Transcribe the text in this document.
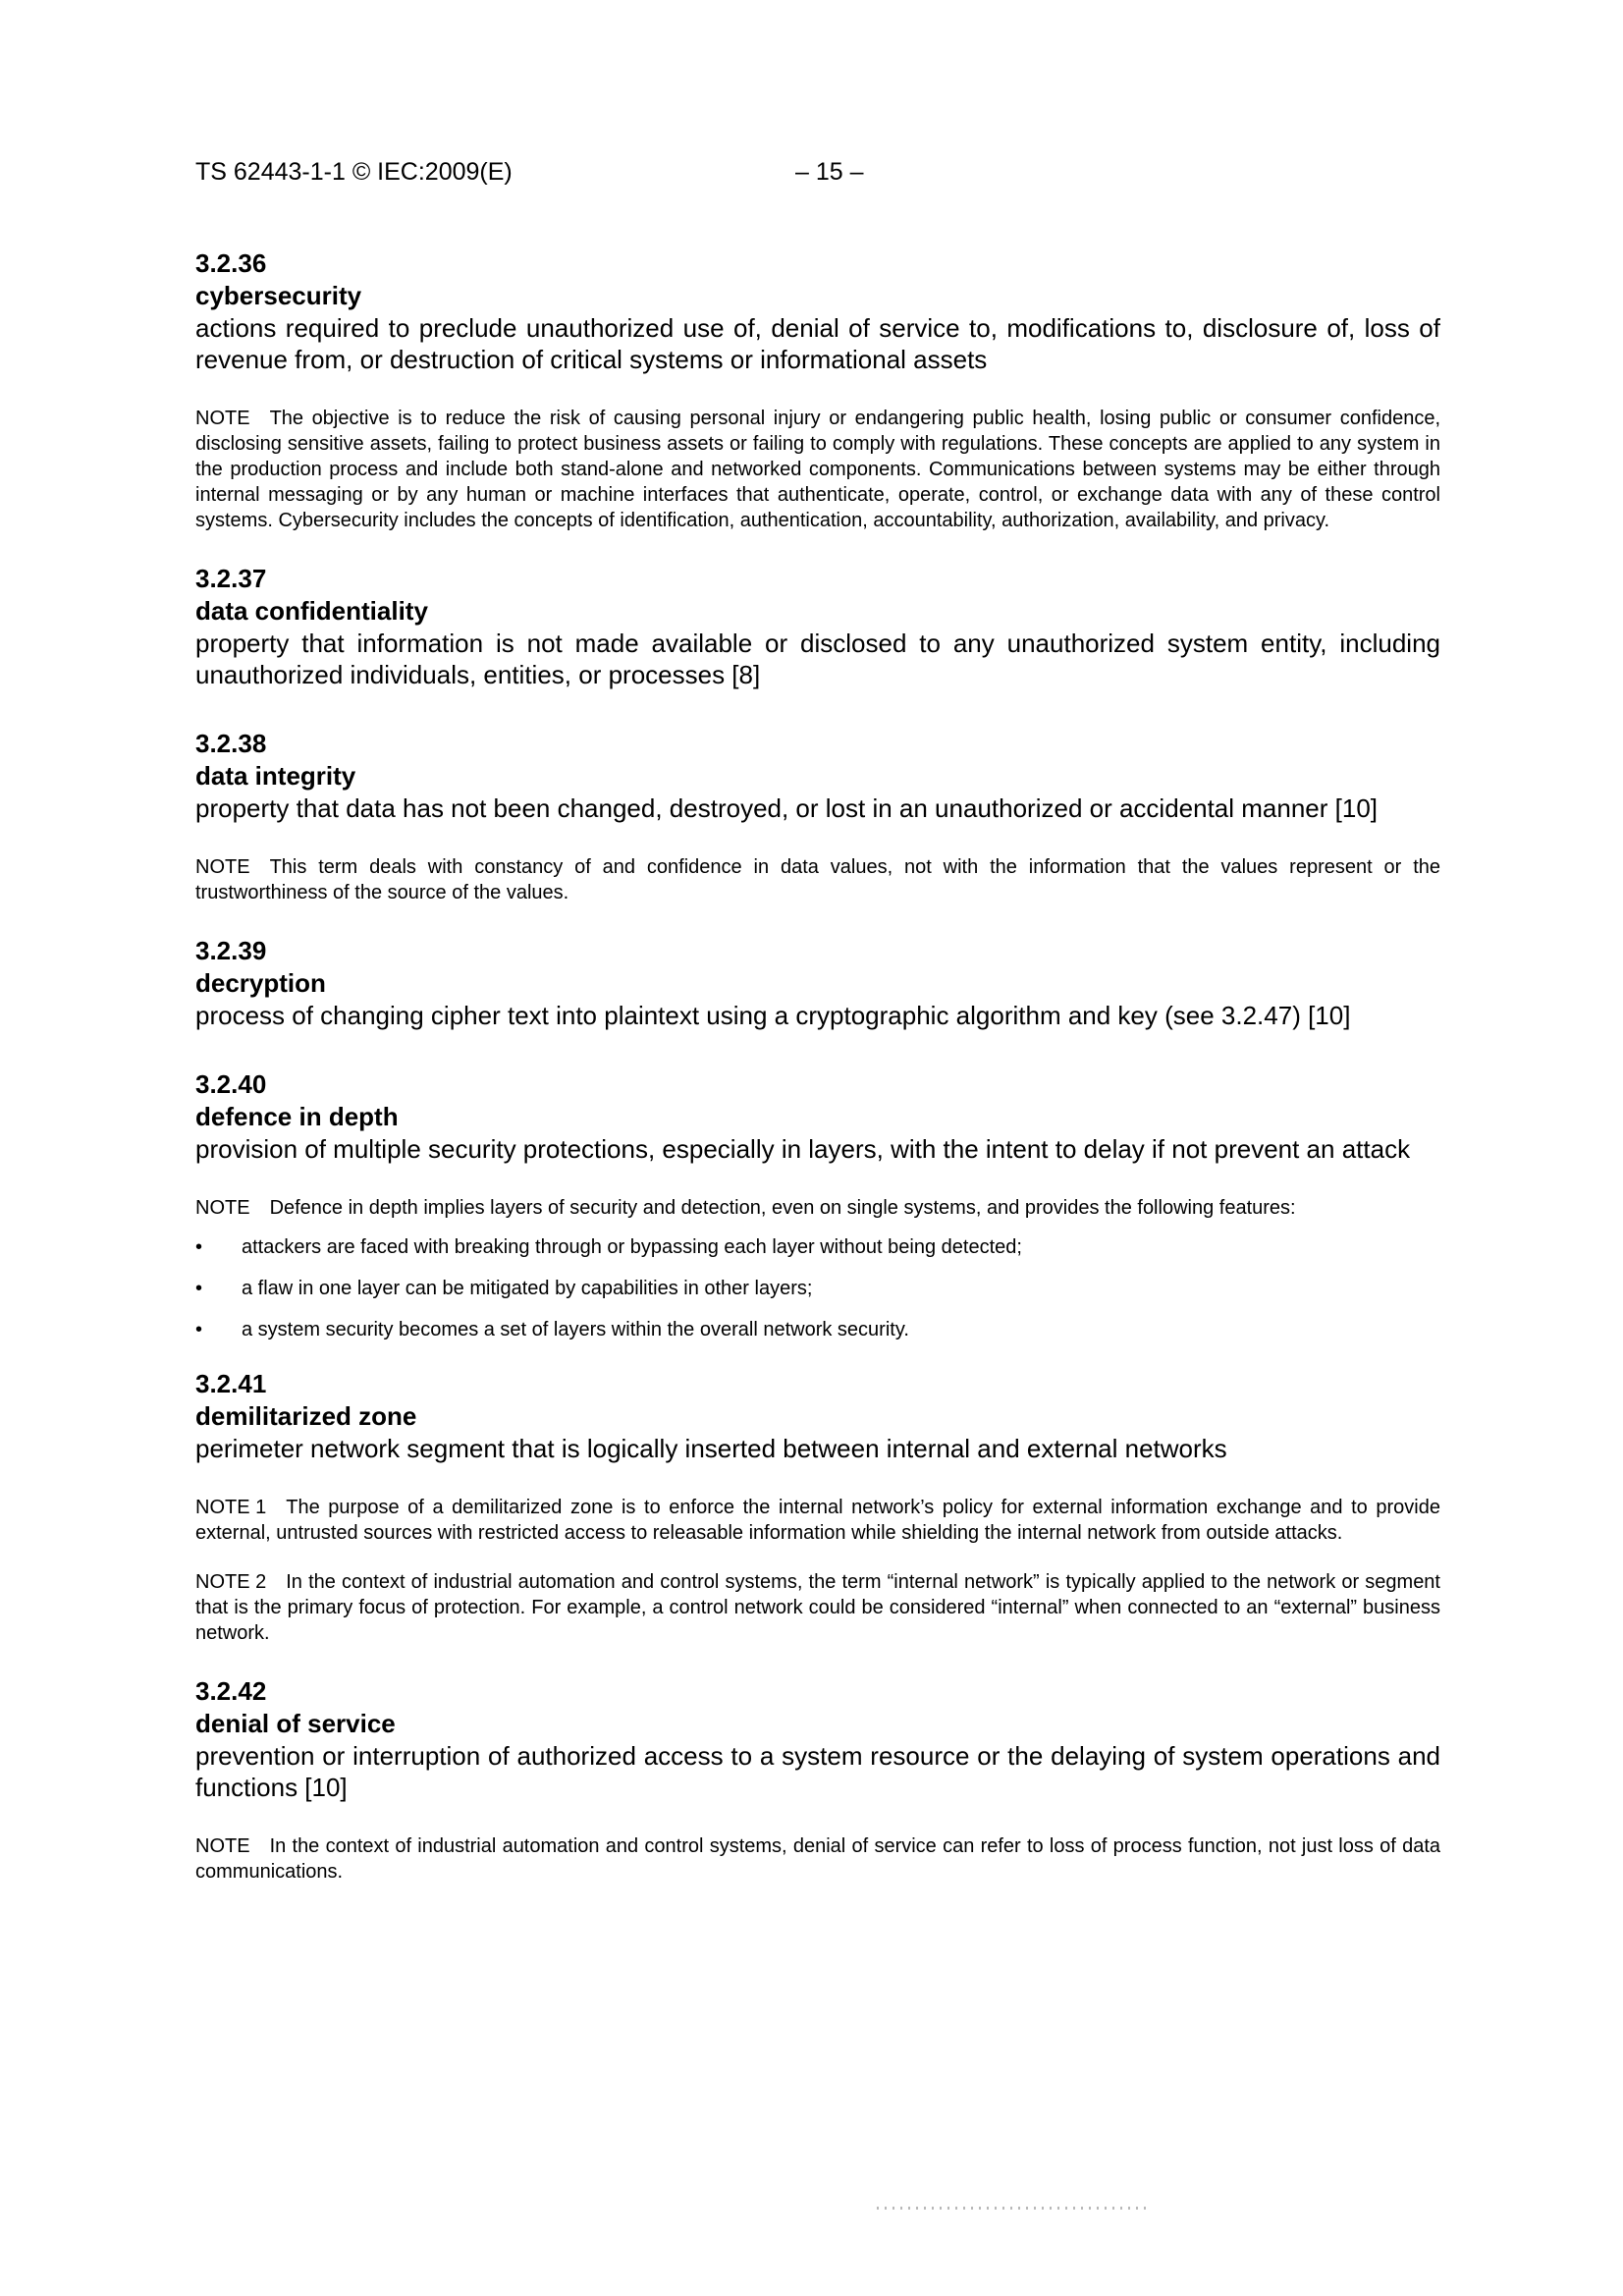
TS 62443-1-1 © IEC:2009(E)	– 15 –
3.2.36
cybersecurity

actions required to preclude unauthorized use of, denial of service to, modifications to, disclosure of, loss of revenue from, or destruction of critical systems or informational assets

NOTE The objective is to reduce the risk of causing personal injury or endangering public health, losing public or consumer confidence, disclosing sensitive assets, failing to protect business assets or failing to comply with regulations. These concepts are applied to any system in the production process and include both stand-alone and networked components. Communications between systems may be either through internal messaging or by any human or machine interfaces that authenticate, operate, control, or exchange data with any of these control systems. Cybersecurity includes the concepts of identification, authentication, accountability, authorization, availability, and privacy.

3.2.37
data confidentiality

property that information is not made available or disclosed to any unauthorized system entity, including unauthorized individuals, entities, or processes [8]

3.2.38
data integrity

property that data has not been changed, destroyed, or lost in an unauthorized or accidental manner [10]

NOTE This term deals with constancy of and confidence in data values, not with the information that the values represent or the trustworthiness of the source of the values.

3.2.39
decryption

process of changing cipher text into plaintext using a cryptographic algorithm and key (see 3.2.47) [10]

3.2.40
defence in depth

provision of multiple security protections, especially in layers, with the intent to delay if not prevent an attack

NOTE Defence in depth implies layers of security and detection, even on single systems, and provides the following features:

• attackers are faced with breaking through or bypassing each layer without being detected;
• a flaw in one layer can be mitigated by capabilities in other layers;
• a system security becomes a set of layers within the overall network security.
3.2.41
demilitarized zone

perimeter network segment that is logically inserted between internal and external networks

NOTE 1 The purpose of a demilitarized zone is to enforce the internal network’s policy for external information exchange and to provide external, untrusted sources with restricted access to releasable information while shielding the internal network from outside attacks.

NOTE 2 In the context of industrial automation and control systems, the term “internal network” is typically applied to the network or segment that is the primary focus of protection. For example, a control network could be considered “internal” when connected to an “external” business network.

3.2.42
denial of service

prevention or interruption of authorized access to a system resource or the delaying of system operations and functions [10]

NOTE In the context of industrial automation and control systems, denial of service can refer to loss of process function, not just loss of data communications.
